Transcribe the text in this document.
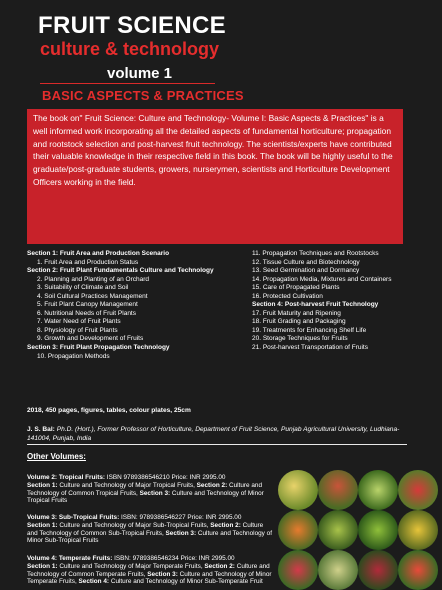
FRUIT SCIENCE
culture & technology
volume 1
BASIC ASPECTS & PRACTICES

The book on" Fruit Science: Culture and Technology- Volume I: Basic Aspects & Practices" is a well informed work incorporating all the detailed aspects of fundamental horticulture; propagation and rootstock selection and post-harvest fruit technology. The scientists/experts have contributed their valuable knowledge in their respective field in this book. The book will be highly useful to the graduate/post-graduate students, growers, nurserymen, scientists and Horticulture Development Officers working in the field.

Section 1: Fruit Area and Production Scenario
1. Fruit Area and Production Status
Section 2: Fruit Plant Fundamentals Culture and Technology
2. Planning and Planting of an Orchard
3. Suitability of Climate and Soil
4. Soil Cultural Practices Management
5. Fruit Plant Canopy Management
6. Nutritional Needs of Fruit Plants
7. Water Need of Fruit Plants
8. Physiology of Fruit Plants
9. Growth and Development of Fruits
Section 3: Fruit Plant Propagation Technology
10. Propagation Methods
11. Propagation Techniques and Rootstocks
12. Tissue Culture and Biotechnology
13. Seed Germination and Dormancy
14. Propagation Media, Mixtures and Containers
15. Care of Propagated Plants
16. Protected Cultivation
Section 4: Post-harvest Fruit Technology
17. Fruit Maturity and Ripening
18. Fruit Grading and Packaging
19. Treatments for Enhancing Shelf Life
20. Storage Techniques for Fruits
21. Post-harvest Transportation of Fruits
2018, 450 pages, figures, tables, colour plates, 25cm
J. S. Bal: Ph.D. (Hort.), Former Professor of Horticulture, Department of Fruit Science, Punjab Agricultural University, Ludhiana-141004, Punjab, India
Other Volumes:
Volume 2: Tropical Fruits: ISBN 9789386546210 Price: INR 2995.00
Section 1: Culture and Technology of Major Tropical Fruits, Section 2: Culture and Technology of Common Tropical Fruits, Section 3: Culture and Technology of Minor Tropical Fruits
Volume 3: Sub-Tropical Fruits: ISBN: 9789386546227 Price: INR 2995.00
Section 1: Culture and Technology of Major Sub-Tropical Fruits, Section 2: Culture and Technology of Common Sub-Tropical Fruits, Section 3: Culture and Technology of Minor Sub-Tropical Fruits
Volume 4: Temperate Fruits: ISBN: 9789386546234 Price: INR 2995.00
Section 1: Culture and Technology of Major Temperate Fruits, Section 2: Culture and Technology of Common Temperate Fruits, Section 3: Culture and Technology of Minor Temperate Fruits, Section 4: Culture and Technology of Minor Sub-Temperate Fruit
